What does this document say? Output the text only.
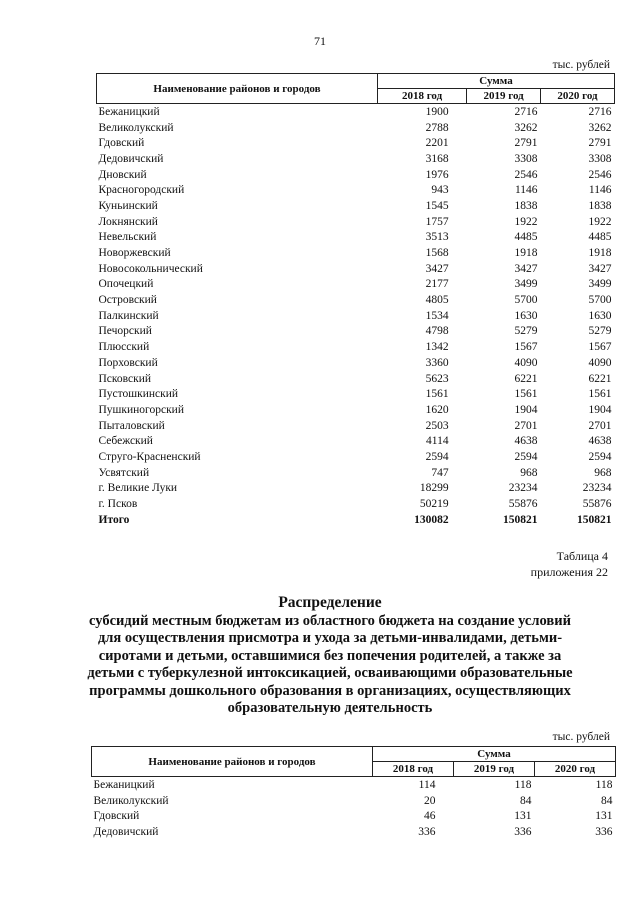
71
тыс. рублей
Наименование районов и городов	Сумма		
	2018 год	2019 год	2020 год
Бежаницкий	1900	2716	2716
Великолукский	2788	3262	3262
Гдовский	2201	2791	2791
Дедовичский	3168	3308	3308
Дновский	1976	2546	2546
Красногородский	943	1146	1146
Куньинский	1545	1838	1838
Локнянский	1757	1922	1922
Невельский	3513	4485	4485
Новоржевский	1568	1918	1918
Новосокольнический	3427	3427	3427
Опочецкий	2177	3499	3499
Островский	4805	5700	5700
Палкинский	1534	1630	1630
Печорский	4798	5279	5279
Плюсский	1342	1567	1567
Порховский	3360	4090	4090
Псковский	5623	6221	6221
Пустошкинский	1561	1561	1561
Пушкиногорский	1620	1904	1904
Пыталовский	2503	2701	2701
Себежский	4114	4638	4638
Струго-Красненский	2594	2594	2594
Усвятский	747	968	968
г. Великие Луки	18299	23234	23234
г. Псков	50219	55876	55876
Итого	130082	150821	150821
Таблица 4
приложения 22
Распределение
субсидий местным бюджетам из областного бюджета на создание условий
для осуществления присмотра и ухода за детьми-инвалидами, детьми-
сиротами и детьми, оставшимися без попечения родителей, а также за
детьми с туберкулезной интоксикацией, осваивающими образовательные
программы дошкольного образования в организациях, осуществляющих
образовательную деятельность
тыс. рублей
Наименование районов и городов	Сумма		
	2018 год	2019 год	2020 год
Бежаницкий	114	118	118
Великолукский	20	84	84
Гдовский	46	131	131
Дедовичский	336	336	336
